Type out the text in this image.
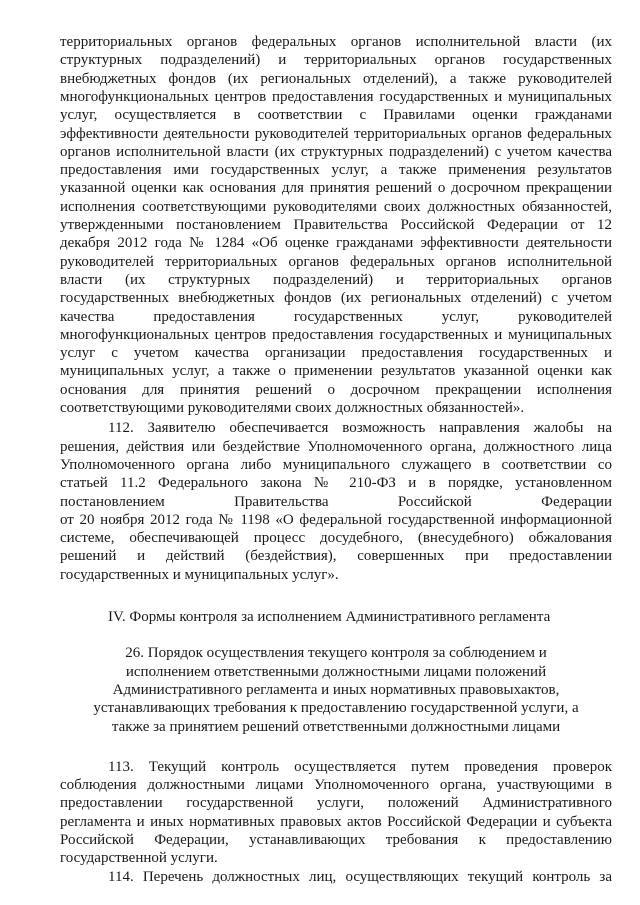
территориальных органов федеральных органов исполнительной власти (их
структурных подразделений) и территориальных органов государственных
внебюджетных фондов (их региональных отделений), а также руководителей
многофункциональных центров предоставления государственных и муниципальных
услуг, осуществляется в соответствии с Правилами оценки гражданами
эффективности деятельности руководителей территориальных органов федеральных
органов исполнительной власти (их структурных подразделений) с учетом качества
предоставления ими государственных услуг, а также применения результатов
указанной оценки как основания для принятия решений о досрочном прекращении
исполнения соответствующими руководителями своих должностных обязанностей,
утвержденными постановлением Правительства Российской Федерации от 12
декабря 2012 года № 1284 «Об оценке гражданами эффективности деятельности
руководителей территориальных органов федеральных органов исполнительной
власти (их структурных подразделений) и территориальных органов
государственных внебюджетных фондов (их региональных отделений) с учетом
качества предоставления государственных услуг, руководителей
многофункциональных центров предоставления государственных и муниципальных
услуг с учетом качества организации предоставления государственных и
муниципальных услуг, а также о применении результатов указанной оценки как
основания для принятия решений о досрочном прекращении исполнения
соответствующими руководителями своих должностных обязанностей».
112. Заявителю обеспечивается возможность направления жалобы на
решения, действия или бездействие Уполномоченного органа, должностного лица
Уполномоченного органа либо муниципального служащего в соответствии со
статьей 11.2 Федерального закона № 210-ФЗ и в порядке, установленном
постановлением Правительства Российской Федерации
от 20 ноября 2012 года № 1198 «О федеральной государственной информационной
системе, обеспечивающей процесс досудебного, (внесудебного) обжалования
решений и действий (бездействия), совершенных при предоставлении
государственных и муниципальных услуг».
IV. Формы контроля за исполнением Административного регламента
26. Порядок осуществления текущего контроля за соблюдением и
исполнением ответственными должностными лицами положений
Административного регламента и иных нормативных правовыхактов,
устанавливающих требования к предоставлению государственной услуги, а
также за принятием решений ответственными должностными лицами
113. Текущий контроль осуществляется путем проведения проверок
соблюдения должностными лицами Уполномоченного органа, участвующими в
предоставлении государственной услуги, положений Административного
регламента и иных нормативных правовых актов Российской Федерации и субъекта
Российской Федерации, устанавливающих требования к предоставлению
государственной услуги.
114. Перечень должностных лиц, осуществляющих текущий контроль за
